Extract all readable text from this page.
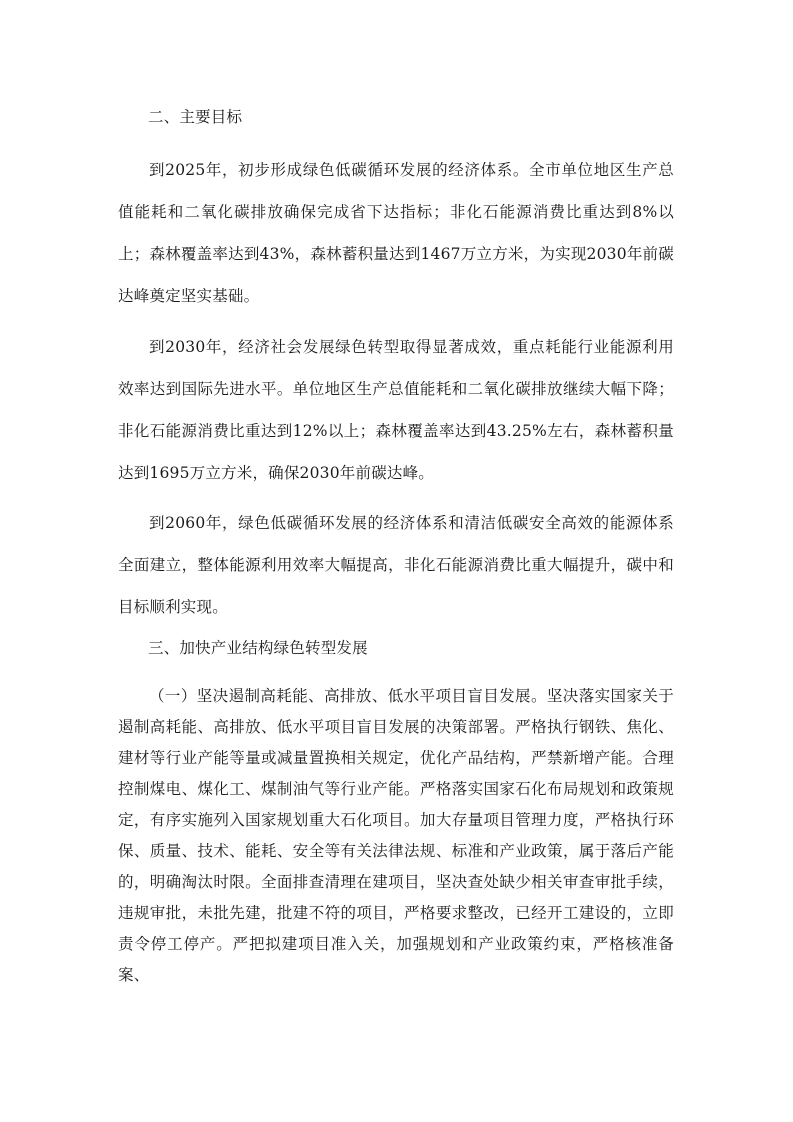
二、主要目标

到2025年，初步形成绿色低碳循环发展的经济体系。全市单位地区生产总值能耗和二氧化碳排放确保完成省下达指标；非化石能源消费比重达到8%以上；森林覆盖率达到43%，森林蓄积量达到1467万立方米，为实现2030年前碳达峰奠定坚实基础。

到2030年，经济社会发展绿色转型取得显著成效，重点耗能行业能源利用效率达到国际先进水平。单位地区生产总值能耗和二氧化碳排放继续大幅下降；非化石能源消费比重达到12%以上；森林覆盖率达到43.25%左右，森林蓄积量达到1695万立方米，确保2030年前碳达峰。

到2060年，绿色低碳循环发展的经济体系和清洁低碳安全高效的能源体系全面建立，整体能源利用效率大幅提高，非化石能源消费比重大幅提升，碳中和目标顺利实现。

三、加快产业结构绿色转型发展

（一）坚决遏制高耗能、高排放、低水平项目盲目发展。坚决落实国家关于遏制高耗能、高排放、低水平项目盲目发展的决策部署。严格执行钢铁、焦化、建材等行业产能等量或减量置换相关规定，优化产品结构，严禁新增产能。合理控制煤电、煤化工、煤制油气等行业产能。严格落实国家石化布局规划和政策规定，有序实施列入国家规划重大石化项目。加大存量项目管理力度，严格执行环保、质量、技术、能耗、安全等有关法律法规、标准和产业政策，属于落后产能的，明确淘汰时限。全面排查清理在建项目，坚决查处缺少相关审查审批手续，违规审批，未批先建，批建不符的项目，严格要求整改，已经开工建设的，立即责令停工停产。严把拟建项目准入关，加强规划和产业政策约束，严格核准备案、
